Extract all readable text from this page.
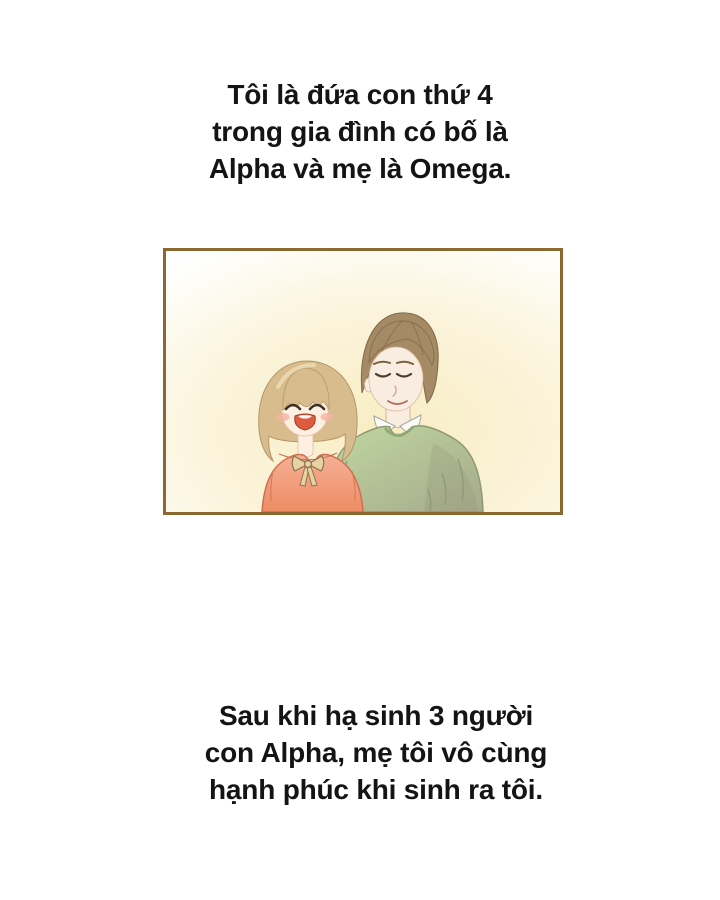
Tôi là đứa con thứ 4
trong gia đình có bố là
Alpha và mẹ là Omega.
Sau khi hạ sinh 3 người
con Alpha, mẹ tôi vô cùng
hạnh phúc khi sinh ra tôi.
